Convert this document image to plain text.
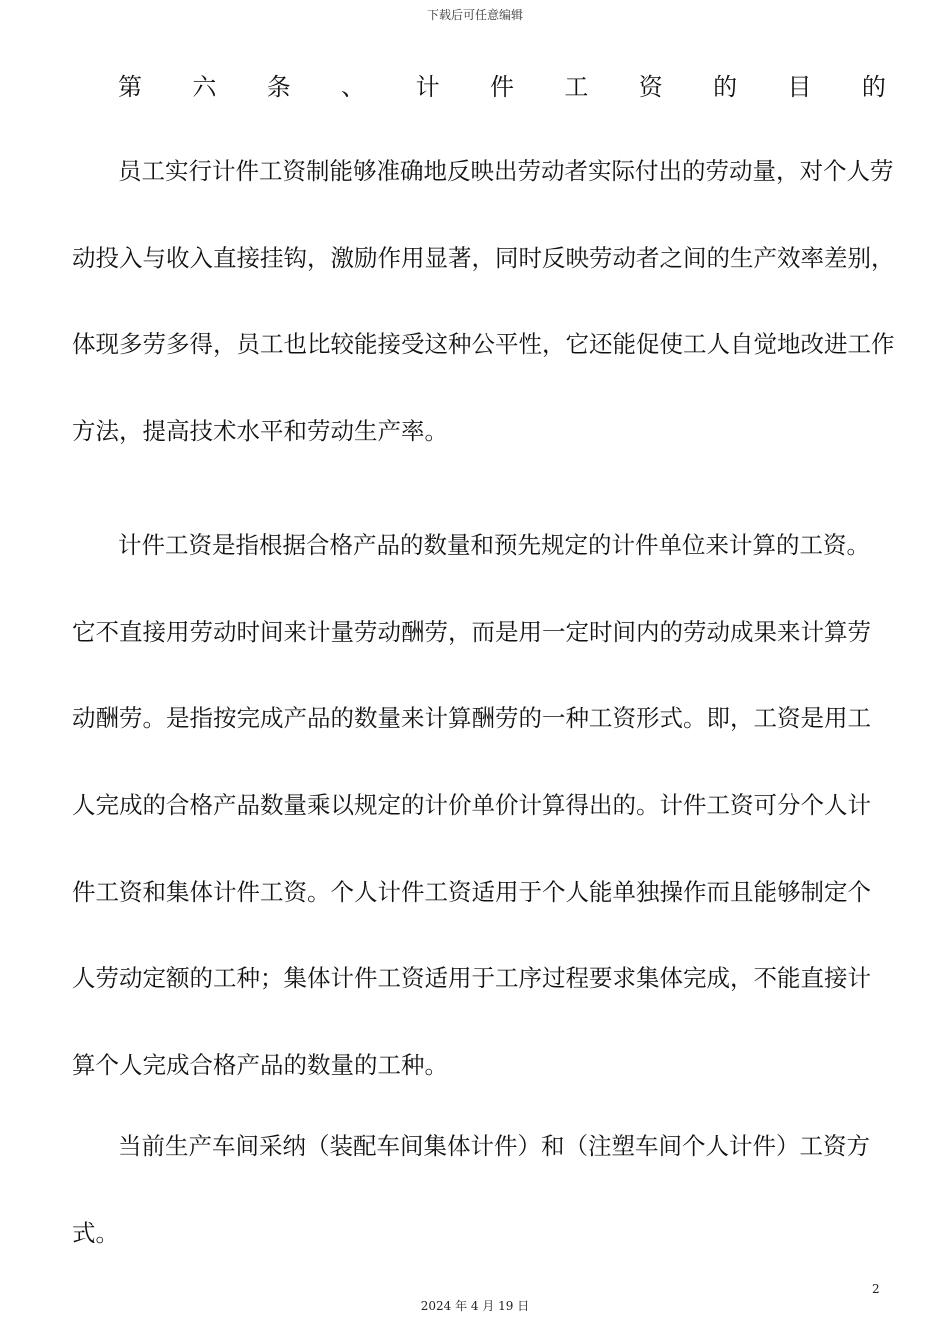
下载后可任意编辑
第 六 条 、 计 件 工 资 的 目 的
员工实行计件工资制能够准确地反映出劳动者实际付出的劳动量，对个人劳
动投入与收入直接挂钩，激励作用显著，同时反映劳动者之间的生产效率差别，
体现多劳多得，员工也比较能接受这种公平性，它还能促使工人自觉地改进工作
方法，提高技术水平和劳动生产率。
计件工资是指根据合格产品的数量和预先规定的计件单位来计算的工资。
它不直接用劳动时间来计量劳动酬劳，而是用一定时间内的劳动成果来计算劳
动酬劳。是指按完成产品的数量来计算酬劳的一种工资形式。即，工资是用工
人完成的合格产品数量乘以规定的计价单价计算得出的。计件工资可分个人计
件工资和集体计件工资。个人计件工资适用于个人能单独操作而且能够制定个
人劳动定额的工种；集体计件工资适用于工序过程要求集体完成，不能直接计
算个人完成合格产品的数量的工种。
当前生产车间采纳（装配车间集体计件）和（注塑车间个人计件）工资方
式。
2
2024 年 4 月 19 日
